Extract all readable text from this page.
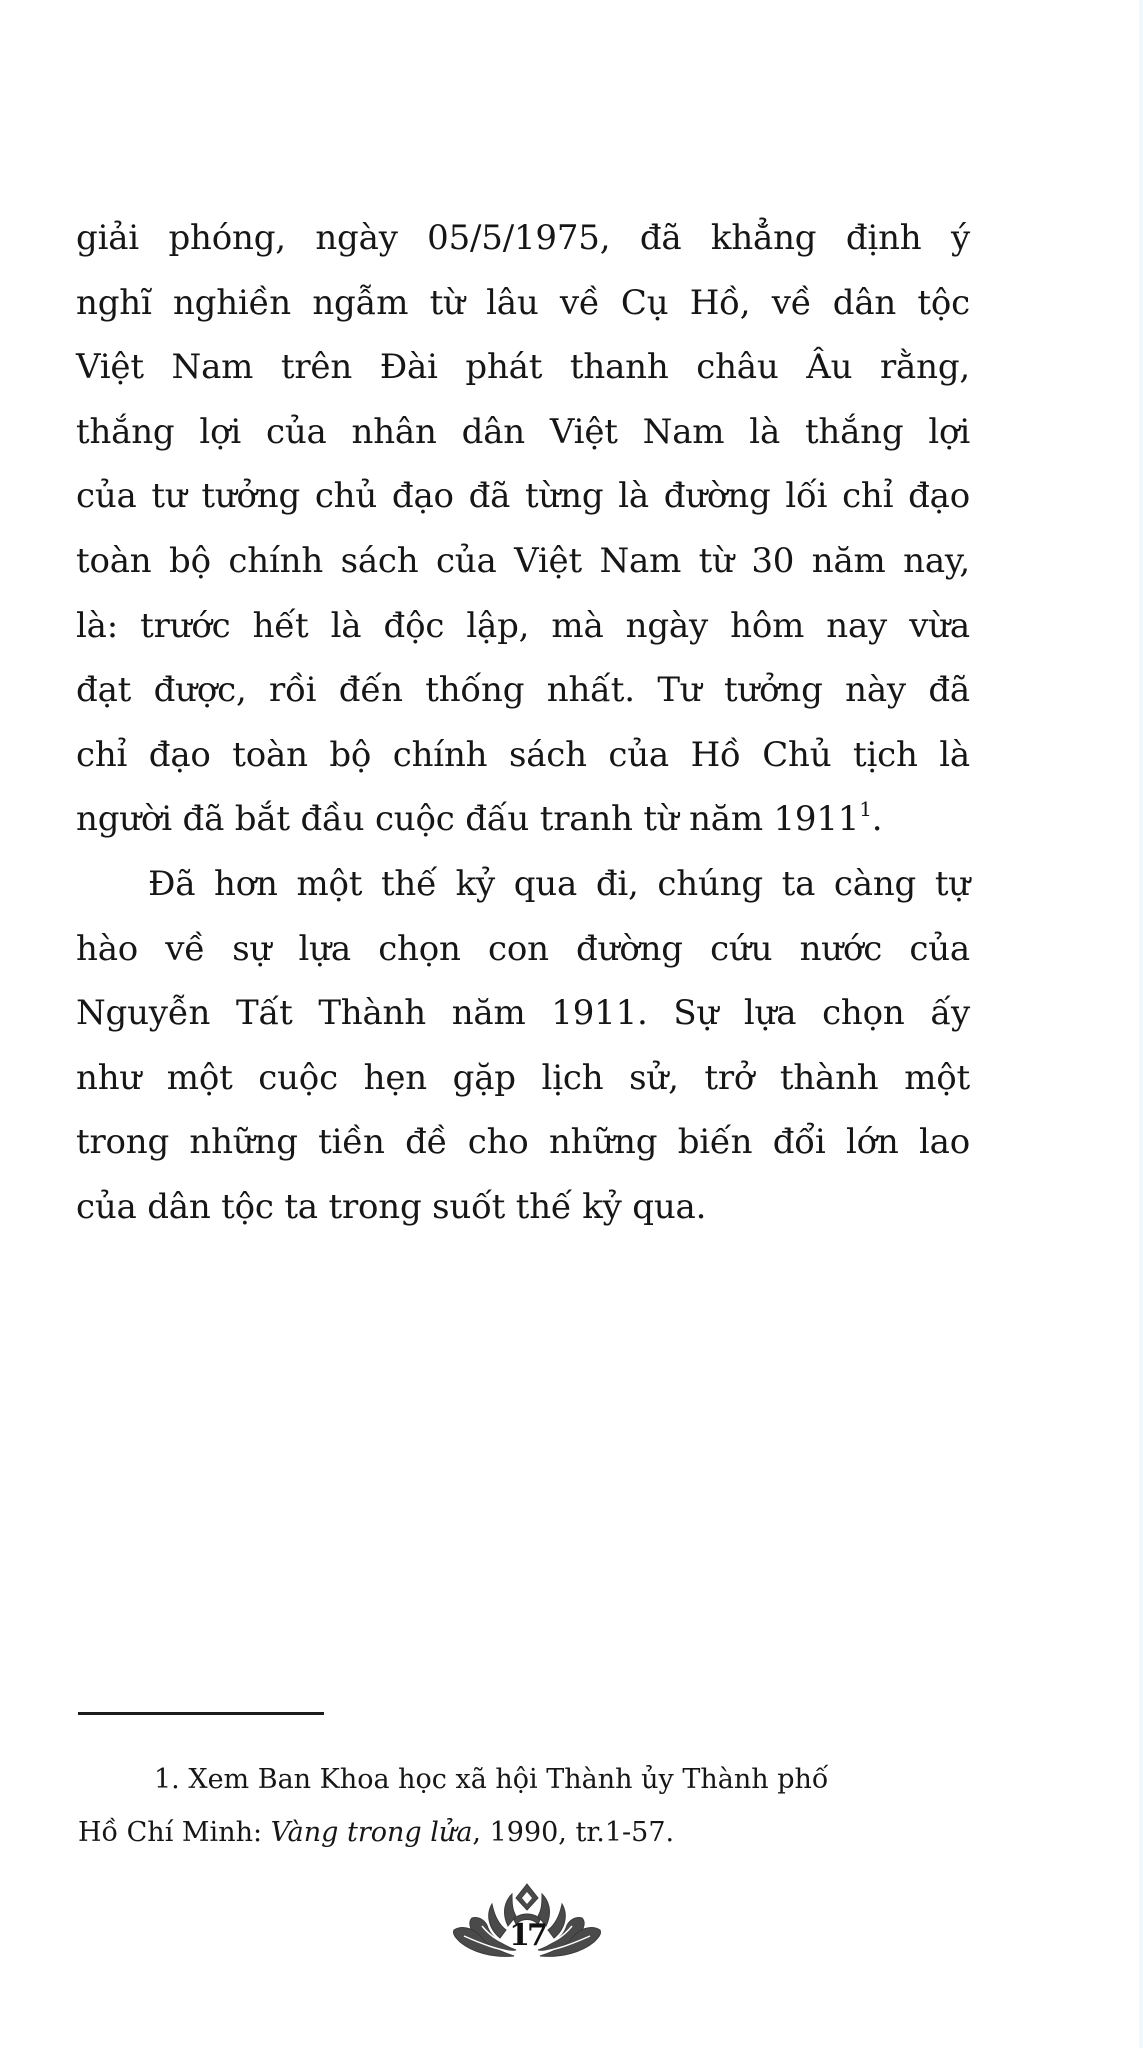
giải phóng, ngày 05/5/1975, đã khẳng định ý
nghĩ nghiền ngẫm từ lâu về Cụ Hồ, về dân tộc
Việt Nam trên Đài phát thanh châu Âu rằng,
thắng lợi của nhân dân Việt Nam là thắng lợi
của tư tưởng chủ đạo đã từng là đường lối chỉ đạo
toàn bộ chính sách của Việt Nam từ 30 năm nay,
là: trước hết là độc lập, mà ngày hôm nay vừa
đạt được, rồi đến thống nhất. Tư tưởng này đã
chỉ đạo toàn bộ chính sách của Hồ Chủ tịch là
người đã bắt đầu cuộc đấu tranh từ năm 1911$^1$.

Đã hơn một thế kỷ qua đi, chúng ta càng tự
hào về sự lựa chọn con đường cứu nước của
Nguyễn Tất Thành năm 1911. Sự lựa chọn ấy
như một cuộc hẹn gặp lịch sử, trở thành một
trong những tiền đề cho những biến đổi lớn lao
của dân tộc ta trong suốt thế kỷ qua.

1. Xem Ban Khoa học xã hội Thành ủy Thành phố
Hồ Chí Minh: Vàng trong lửa, 1990, tr.1-57.
17
